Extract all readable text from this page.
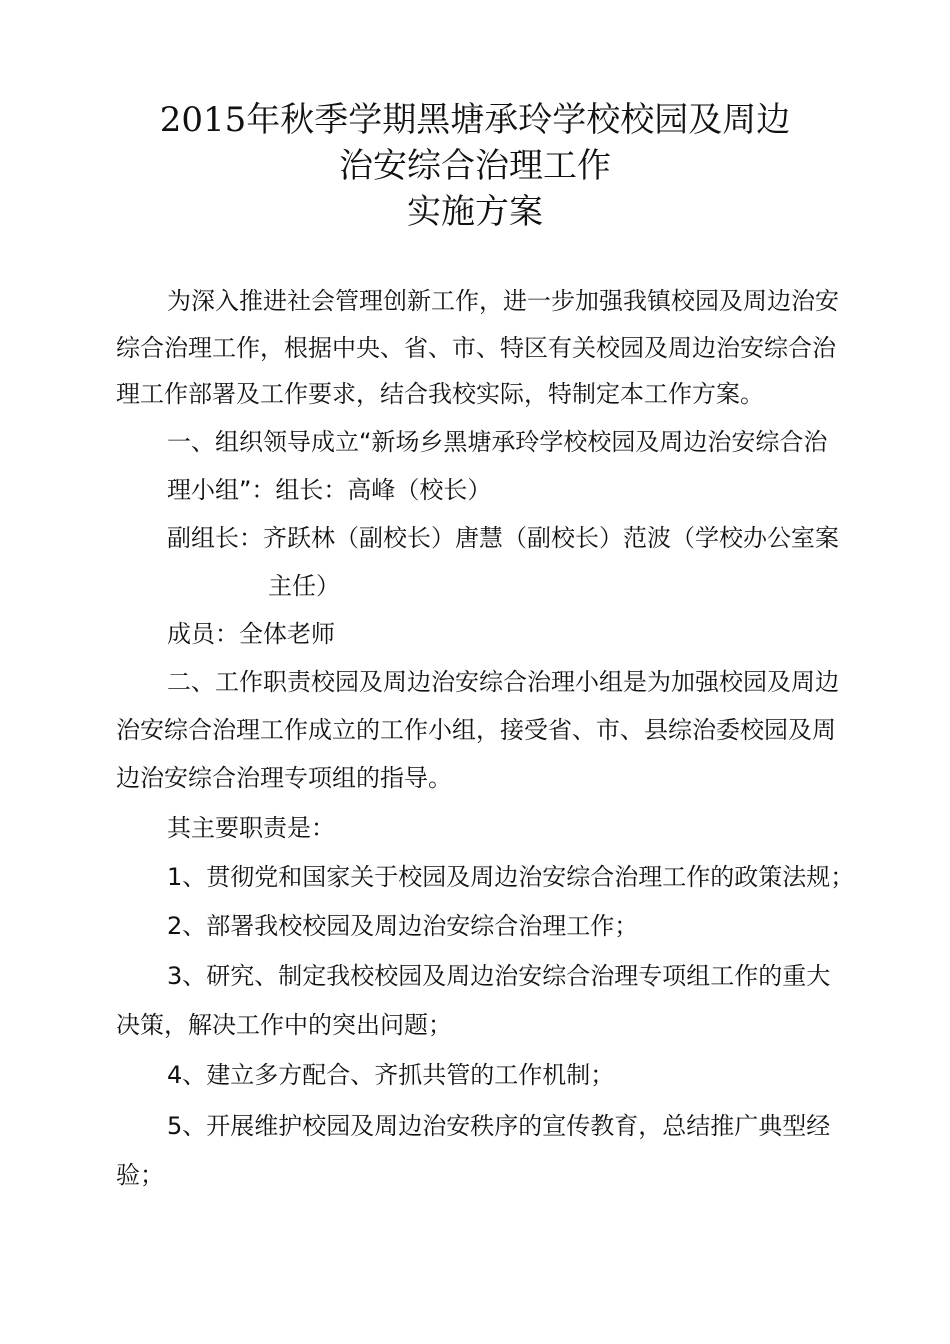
2015年秋季学期黑塘承玲学校校园及周边
治安综合治理工作
实施方案
为深入推进社会管理创新工作，进一步加强我镇校园及周边治安
综合治理工作，根据中央、省、市、特区有关校园及周边治安综合治
理工作部署及工作要求，结合我校实际，特制定本工作方案。
一、组织领导成立“新场乡黑塘承玲学校校园及周边治安综合治
理小组”：组长：高峰（校长）
副组长：齐跃林（副校长）唐慧（副校长）范波（学校办公室案
主任）
成员：全体老师
二、工作职责校园及周边治安综合治理小组是为加强校园及周边
治安综合治理工作成立的工作小组，接受省、市、县综治委校园及周
边治安综合治理专项组的指导。
其主要职责是：
1、贯彻党和国家关于校园及周边治安综合治理工作的政策法规；
2、部署我校校园及周边治安综合治理工作；
3、研究、制定我校校园及周边治安综合治理专项组工作的重大
决策，解决工作中的突出问题；
4、建立多方配合、齐抓共管的工作机制；
5、开展维护校园及周边治安秩序的宣传教育，总结推广典型经
验；
